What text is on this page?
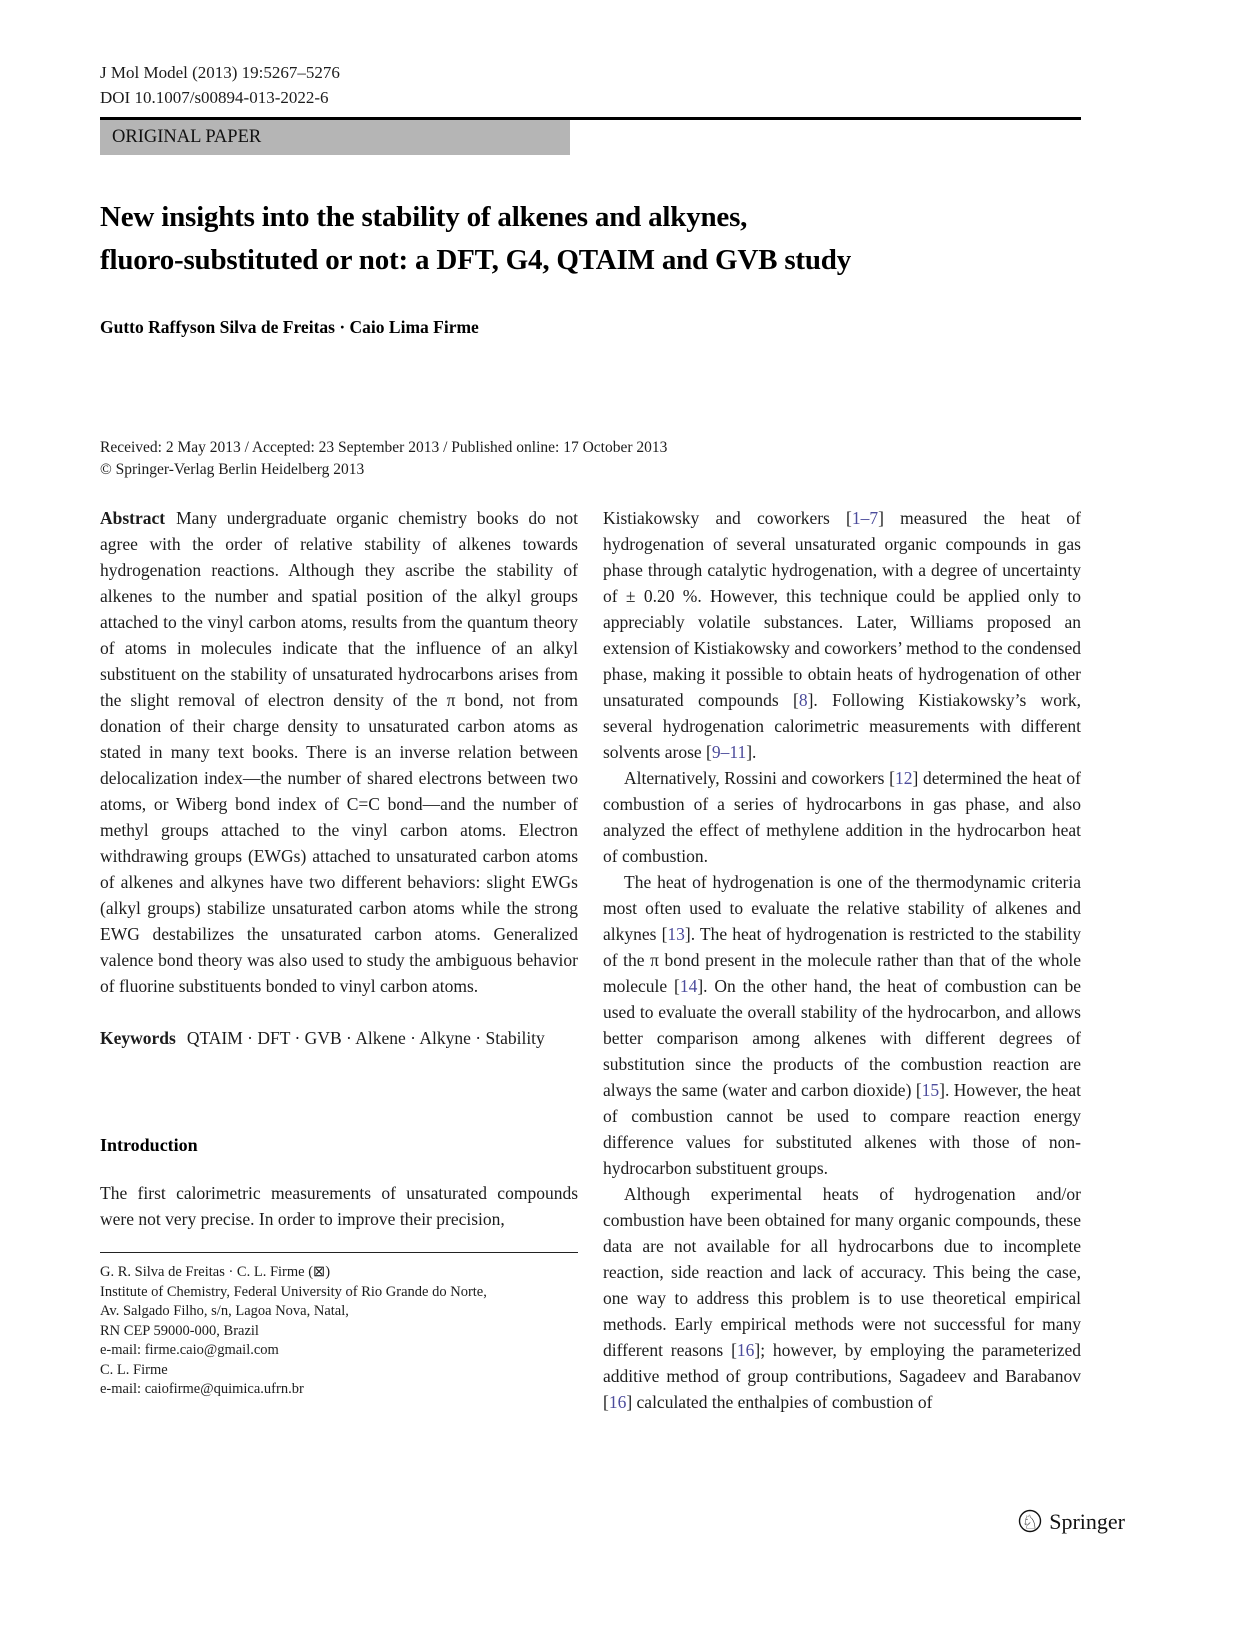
J Mol Model (2013) 19:5267–5276
DOI 10.1007/s00894-013-2022-6
ORIGINAL PAPER
New insights into the stability of alkenes and alkynes,
fluoro-substituted or not: a DFT, G4, QTAIM and GVB study
Gutto Raffyson Silva de Freitas · Caio Lima Firme
Received: 2 May 2013 / Accepted: 23 September 2013 / Published online: 17 October 2013
© Springer-Verlag Berlin Heidelberg 2013

Abstract Many undergraduate organic chemistry books do not agree with the order of relative stability of alkenes towards hydrogenation reactions. Although they ascribe the stability of alkenes to the number and spatial position of the alkyl groups attached to the vinyl carbon atoms, results from the quantum theory of atoms in molecules indicate that the influence of an alkyl substituent on the stability of unsaturated hydrocarbons arises from the slight removal of electron density of the π bond, not from donation of their charge density to unsaturated carbon atoms as stated in many text books. There is an inverse relation between delocalization index—the number of shared electrons between two atoms, or Wiberg bond index of C=C bond—and the number of methyl groups attached to the vinyl carbon atoms. Electron withdrawing groups (EWGs) attached to unsaturated carbon atoms of alkenes and alkynes have two different behaviors: slight EWGs (alkyl groups) stabilize unsaturated carbon atoms while the strong EWG destabilizes the unsaturated carbon atoms. Generalized valence bond theory was also used to study the ambiguous behavior of fluorine substituents bonded to vinyl carbon atoms.

Keywords QTAIM · DFT · GVB · Alkene · Alkyne · Stability

Introduction

The first calorimetric measurements of unsaturated compounds were not very precise. In order to improve their precision,

G. R. Silva de Freitas · C. L. Firme (⊠)

Institute of Chemistry, Federal University of Rio Grande do Norte,

Av. Salgado Filho, s/n, Lagoa Nova, Natal,

RN CEP 59000-000, Brazil

e-mail: firme.caio@gmail.com

C. L. Firme

e-mail: caiofirme@quimica.ufrn.br

Kistiakowsky and coworkers [1–7] measured the heat of hydrogenation of several unsaturated organic compounds in gas phase through catalytic hydrogenation, with a degree of uncertainty of ± 0.20 %. However, this technique could be applied only to appreciably volatile substances. Later, Williams proposed an extension of Kistiakowsky and coworkers’ method to the condensed phase, making it possible to obtain heats of hydrogenation of other unsaturated compounds [8]. Following Kistiakowsky’s work, several hydrogenation calorimetric measurements with different solvents arose [9–11].

Alternatively, Rossini and coworkers [12] determined the heat of combustion of a series of hydrocarbons in gas phase, and also analyzed the effect of methylene addition in the hydrocarbon heat of combustion.

The heat of hydrogenation is one of the thermodynamic criteria most often used to evaluate the relative stability of alkenes and alkynes [13]. The heat of hydrogenation is restricted to the stability of the π bond present in the molecule rather than that of the whole molecule [14]. On the other hand, the heat of combustion can be used to evaluate the overall stability of the hydrocarbon, and allows better comparison among alkenes with different degrees of substitution since the products of the combustion reaction are always the same (water and carbon dioxide) [15]. However, the heat of combustion cannot be used to compare reaction energy difference values for substituted alkenes with those of non-hydrocarbon substituent groups.

Although experimental heats of hydrogenation and/or combustion have been obtained for many organic compounds, these data are not available for all hydrocarbons due to incomplete reaction, side reaction and lack of accuracy. This being the case, one way to address this problem is to use theoretical empirical methods. Early empirical methods were not successful for many different reasons [16]; however, by employing the parameterized additive method of group contributions, Sagadeev and Barabanov [16] calculated the enthalpies of combustion of

♘ Springer
